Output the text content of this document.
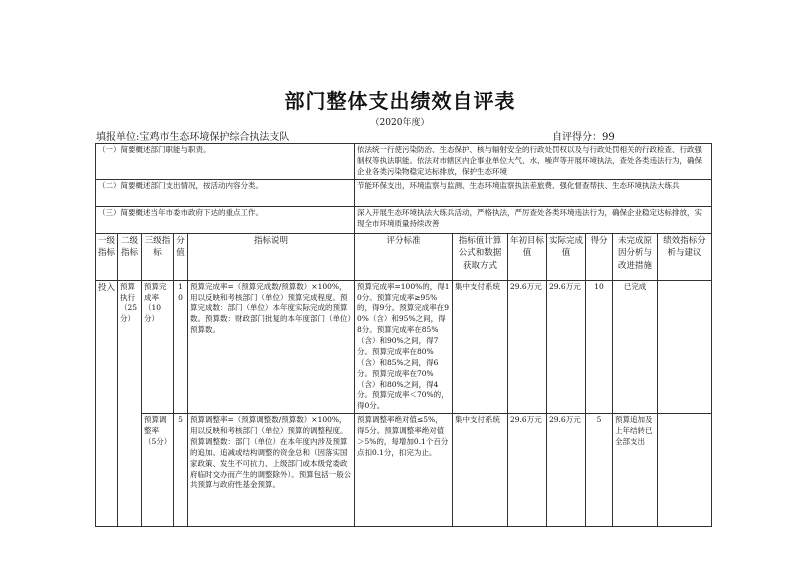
部门整体支出绩效自评表
（2020年度）
填报单位:宝鸡市生态环境保护综合执法支队	自评得分：99
（一）简要概述部门职能与职责。					依法统一行使污染防治、生态保护、核与辐射安全的行政处罚权以及与行政处罚相关的行政检查、行政强制权等执法职能。依法对市辖区内企事业单位大气、水、噪声等开展环境执法，查处各类违法行为，确保企业各类污染物稳定达标排放，保护生态环境						
（二）简要概述部门支出情况，按活动内容分类。					节能环保支出，环境监察与监测、生态环境监察执法差旅费、强化督查帮扶、生态环境执法大练兵						
（三）简要概述当年市委市政府下达的重点工作。					深入开展生态环境执法大练兵活动，严格执法，严厉查处各类环境违法行为，确保企业稳定达标排放，实现全市环境质量持续改善						
一级指标	二级指标	三级指标	分值	指标说明	评分标准	指标值计算公式和数据获取方式	年初目标值	实际完成值	得分	未完成原因分析与改进措施	绩效指标分析与建议
投入	预算执行（25分）	预算完成率（10分）	10	预算完成率=（预算完成数/预算数）×100%，用以反映和考核部门（单位）预算完成程度。预算完成数：部门（单位）本年度实际完成的预算数。预算数：财政部门批复的本年度部门（单位）预算数。	预算完成率=100%的，得10分。预算完成率≥95%的，得9分。预算完成率在90%（含）和95%之间，得8分。预算完成率在85%（含）和90%之间，得7分。预算完成率在80%（含）和85%之间，得6分。预算完成率在70%（含）和80%之间，得4分。预算完成率＜70%的，得0分。	集中支付系统	29.6万元	29.6万元	10	已完成	
		预算调整率（5分）	5	预算调整率=（预算调整数/预算数）×100%，用以反映和考核部门（单位）预算的调整程度。预算调整数：部门（单位）在本年度内涉及预算的追加、追减或结构调整的资金总和（因落实国家政策、发生不可抗力、上级部门或本级党委政府临时交办而产生的调整除外）。预算包括一般公共预算与政府性基金预算。	预算调整率绝对值≤5%，得5分。预算调整率绝对值＞5%的，每增加0.1个百分点扣0.1分，扣完为止。	集中支付系统	29.6万元	29.6万元	5	预算追加及上年结转已全部支出	
